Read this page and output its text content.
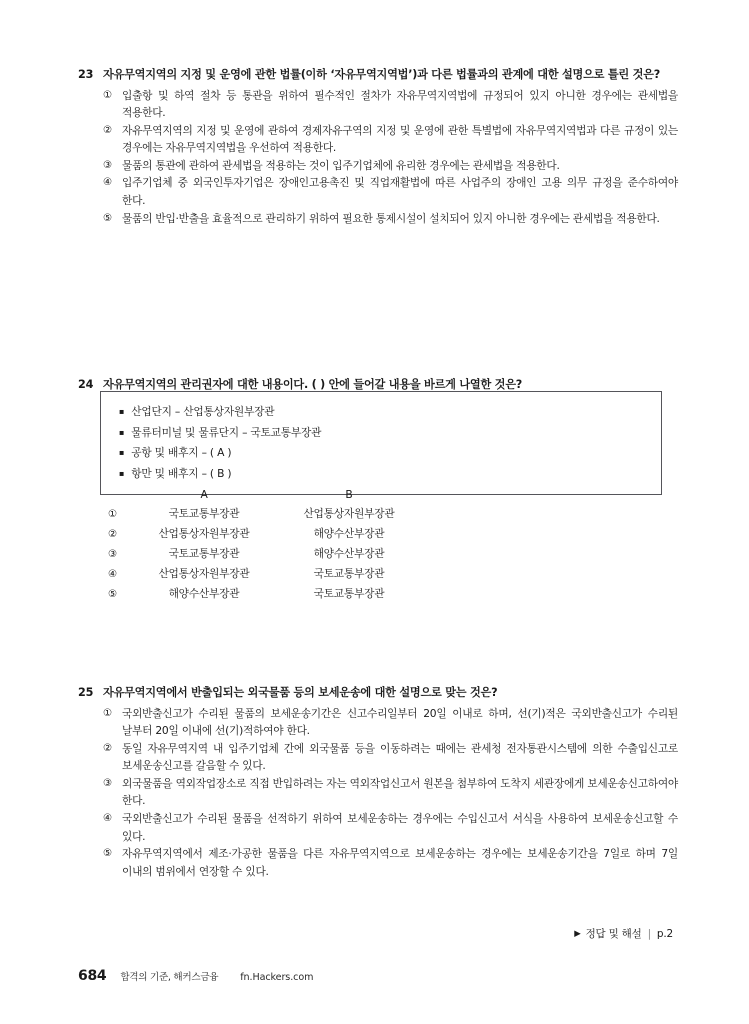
23 자유무역지역의 지정 및 운영에 관한 법률(이하 ‘자유무역지역법’)과 다른 법률과의 관계에 대한 설명으로 틀린 것은?
① 입출항 및 하역 절차 등 통관을 위하여 필수적인 절차가 자유무역지역법에 규정되어 있지 아니한 경우에는 관세법을 적용한다.
② 자유무역지역의 지정 및 운영에 관하여 경제자유구역의 지정 및 운영에 관한 특별법에 자유무역지역법과 다른 규정이 있는 경우에는 자유무역지역법을 우선하여 적용한다.
③ 물품의 통관에 관하여 관세법을 적용하는 것이 입주기업체에 유리한 경우에는 관세법을 적용한다.
④ 입주기업체 중 외국인투자기업은 장애인고용촉진 및 직업재활법에 따른 사업주의 장애인 고용 의무 규정을 준수하여야 한다.
⑤ 물품의 반입·반출을 효율적으로 관리하기 위하여 필요한 통제시설이 설치되어 있지 아니한 경우에는 관세법을 적용한다.
24 자유무역지역의 관리권자에 대한 내용이다. ( ) 안에 들어갈 내용을 바르게 나열한 것은?
▪ 산업단지 – 산업통상자원부장관
▪ 물류터미널 및 물류단지 – 국토교통부장관
▪ 공항 및 배후지 – ( A )
▪ 항만 및 배후지 – ( B )
A	B
①	국토교통부장관	산업통상자원부장관
②	산업통상자원부장관	해양수산부장관
③	국토교통부장관	해양수산부장관
④	산업통상자원부장관	국토교통부장관
⑤	해양수산부장관	국토교통부장관
25 자유무역지역에서 반출입되는 외국물품 등의 보세운송에 대한 설명으로 맞는 것은?
① 국외반출신고가 수리된 물품의 보세운송기간은 신고수리일부터 20일 이내로 하며, 선(기)적은 국외반출신고가 수리된 날부터 20일 이내에 선(기)적하여야 한다.
② 동일 자유무역지역 내 입주기업체 간에 외국물품 등을 이동하려는 때에는 관세청 전자통관시스템에 의한 수출입신고로 보세운송신고를 갈음할 수 있다.
③ 외국물품을 역외작업장소로 직접 반입하려는 자는 역외작업신고서 원본을 첨부하여 도착지 세관장에게 보세운송신고하여야 한다.
④ 국외반출신고가 수리된 물품을 선적하기 위하여 보세운송하는 경우에는 수입신고서 서식을 사용하여 보세운송신고할 수 있다.
⑤ 자유무역지역에서 제조·가공한 물품을 다른 자유무역지역으로 보세운송하는 경우에는 보세운송기간을 7일로 하며 7일 이내의 범위에서 연장할 수 있다.
▶ 정답 및 해설 | p.2
684 합격의 기준, 해커스금융 fn.Hackers.com
